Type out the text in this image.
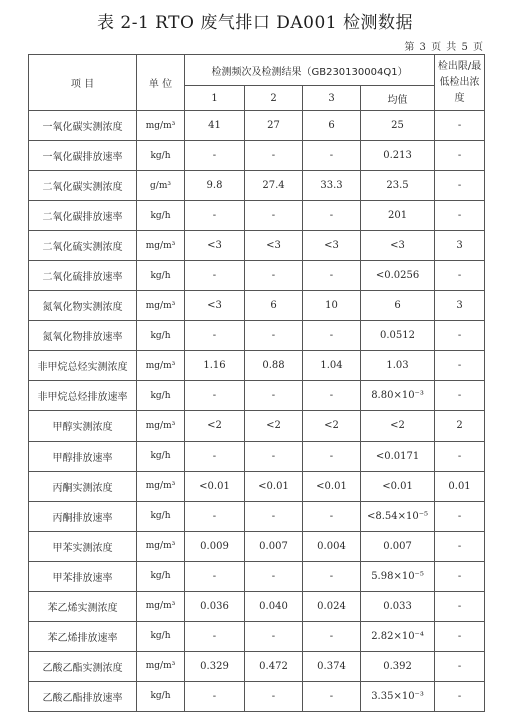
表 2-1 RTO 废气排口 DA001 检测数据
第 3 页 共 5 页
项 目	单 位	检测频次及检测结果（GB230130004Q1）				检出限/最低检出浓度
		1	2	3	均值	
一氧化碳实测浓度	mg/m³	41	27	6	25	-
一氧化碳排放速率	kg/h	-	-	-	0.213	-
二氧化碳实测浓度	g/m³	9.8	27.4	33.3	23.5	-
二氧化碳排放速率	kg/h	-	-	-	201	-
二氧化硫实测浓度	mg/m³	<3	<3	<3	<3	3
二氧化硫排放速率	kg/h	-	-	-	<0.0256	-
氮氧化物实测浓度	mg/m³	<3	6	10	6	3
氮氧化物排放速率	kg/h	-	-	-	0.0512	-
非甲烷总烃实测浓度	mg/m³	1.16	0.88	1.04	1.03	-
非甲烷总烃排放速率	kg/h	-	-	-	8.80×10⁻³	-
甲醇实测浓度	mg/m³	<2	<2	<2	<2	2
甲醇排放速率	kg/h	-	-	-	<0.0171	-
丙酮实测浓度	mg/m³	<0.01	<0.01	<0.01	<0.01	0.01
丙酮排放速率	kg/h	-	-	-	<8.54×10⁻⁵	-
甲苯实测浓度	mg/m³	0.009	0.007	0.004	0.007	-
甲苯排放速率	kg/h	-	-	-	5.98×10⁻⁵	-
苯乙烯实测浓度	mg/m³	0.036	0.040	0.024	0.033	-
苯乙烯排放速率	kg/h	-	-	-	2.82×10⁻⁴	-
乙酸乙酯实测浓度	mg/m³	0.329	0.472	0.374	0.392	-
乙酸乙酯排放速率	kg/h	-	-	-	3.35×10⁻³	-
